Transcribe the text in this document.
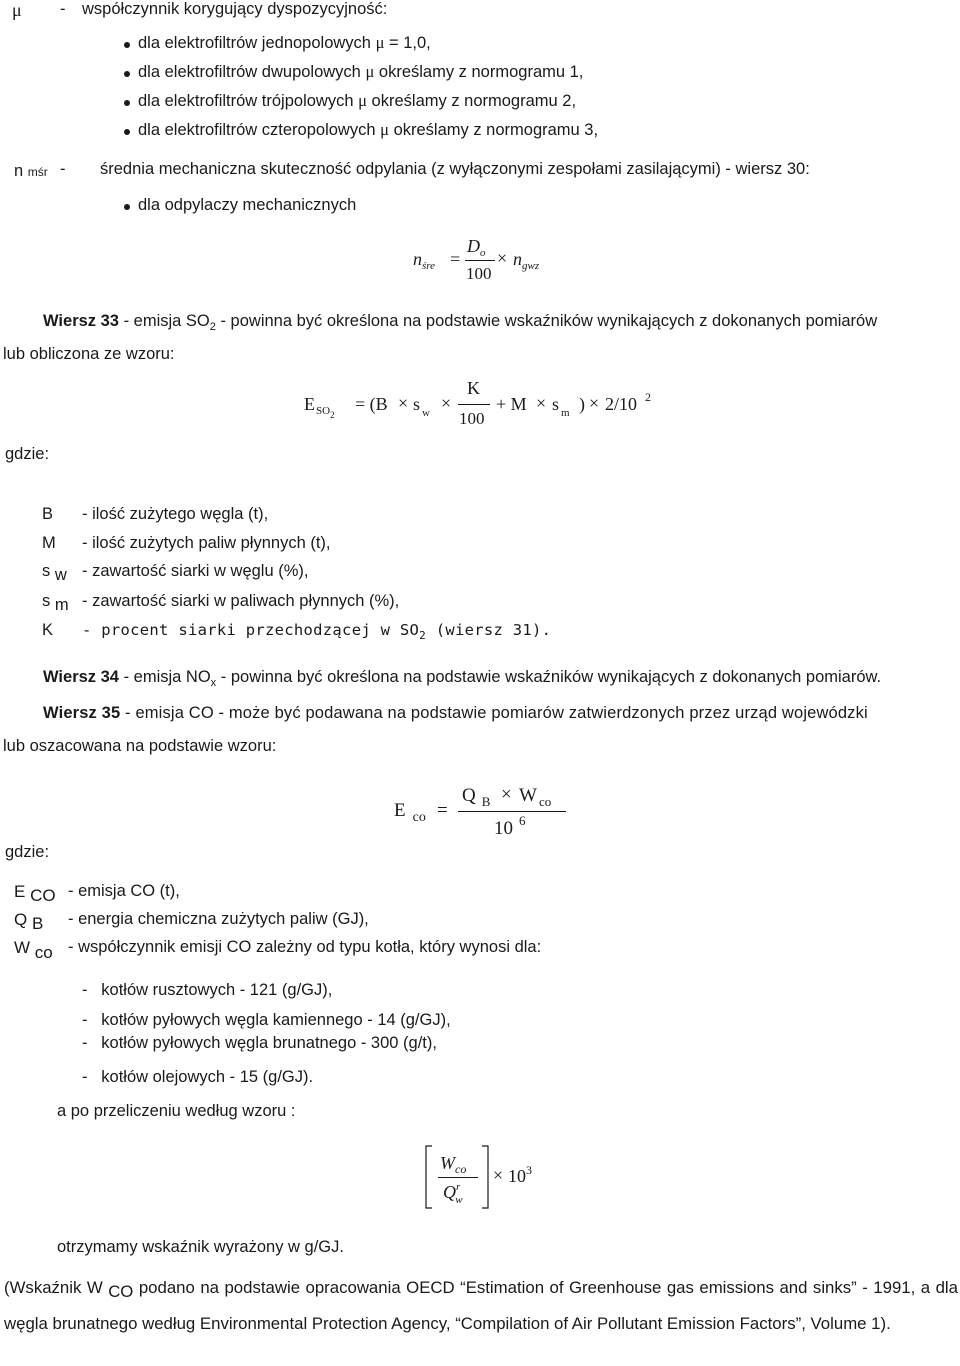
μ - współczynnik korygujący dyspozycyjność:
dla elektrofiltrów jednopolowych μ = 1,0,
dla elektrofiltrów dwupolowych μ określamy z normogramu 1,
dla elektrofiltrów trójpolowych μ określamy z normogramu 2,
dla elektrofiltrów czteropolowych μ określamy z normogramu 3,
n mśr - średnia mechaniczna skuteczność odpylania (z wyłączonymi zespołami zasilającymi) - wiersz 30:
dla odpylaczy mechanicznych
$n_{śre}$ =
$D_o$
100
× $n_{gwz}$
Wiersz 33 - emisja $SO_2$ - powinna być określona na podstawie wskaźników wynikających z dokonanych pomiarów
lub obliczona ze wzoru:
$E_{SO2}$
= (B × s $_w$ ×
K
100
+ M × s $_m$ ) × 2/10 $^2$
gdzie:
B - ilość zużytego węgla (t),
M - ilość zużytych paliw płynnych (t),
s w - zawartość siarki w węglu (%),
s m - zawartość siarki w paliwach płynnych (%),
K - procent siarki przechodzącej w $SO_2$ (wiersz 31).
Wiersz 34 - emisja $NO_x$ - powinna być określona na podstawie wskaźników wynikających z dokonanych pomiarów.
Wiersz 35 - emisja CO - może być podawana na podstawie pomiarów zatwierdzonych przez urząd wojewódzki
lub oszacowana na podstawie wzoru:
E $_{co}$ =
Q $_B$ × W $_{co}$
10 $^6$
gdzie:
E CO - emisja CO (t),
Q B - energia chemiczna zużytych paliw (GJ),
W co - współczynnik emisji CO zależny od typu kotła, który wynosi dla:
- kotłów rusztowych - 121 (g/GJ),
- kotłów pyłowych węgla kamiennego - 14 (g/GJ),
- kotłów pyłowych węgla brunatnego - 300 (g/t),
- kotłów olejowych - 15 (g/GJ).
a po przeliczeniu według wzoru :
$W_{co}$
$Q^r_w$
× $10^3$
otrzymamy wskaźnik wyrażony w g/GJ.
(Wskaźnik W CO podano na podstawie opracowania OECD “Estimation of Greenhouse gas emissions and sinks” - 1991, a dla węgla brunatnego według Environmental Protection Agency, “Compilation of Air Pollutant Emission Factors”, Volume 1).
